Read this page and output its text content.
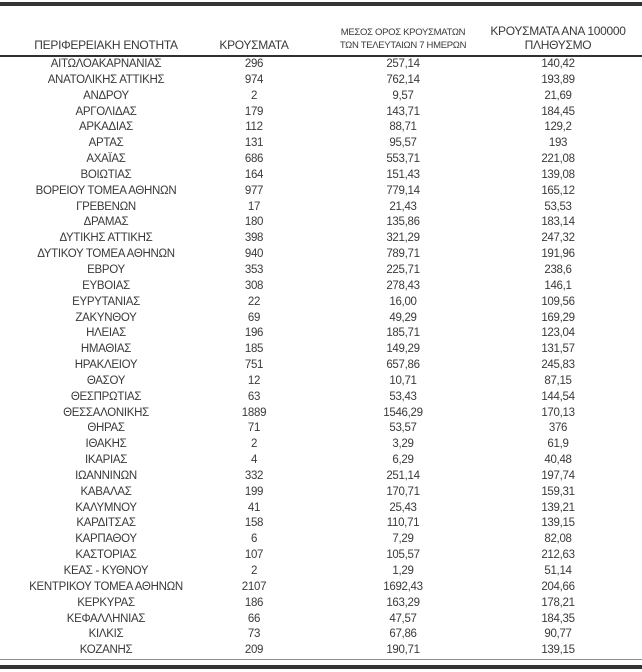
ΠΕΡΙΦΕΡΕΙΑΚΗ ΕΝΟΤΗΤΑ	ΚΡΟΥΣΜΑΤΑ	ΜΕΣΟΣ ΟΡΟΣ ΚΡΟΥΣΜΑΤΩΝ
ΤΩΝ ΤΕΛΕΥΤΑΙΩΝ 7 ΗΜΕΡΩΝ	ΚΡΟΥΣΜΑΤΑ ΑΝΑ 100000
ΠΛΗΘΥΣΜΟ
ΑΙΤΩΛΟΑΚΑΡΝΑΝΙΑΣ	296	257,14	140,42
ΑΝΑΤΟΛΙΚΗΣ ΑΤΤΙΚΗΣ	974	762,14	193,89
ΑΝΔΡΟΥ	2	9,57	21,69
ΑΡΓΟΛΙΔΑΣ	179	143,71	184,45
ΑΡΚΑΔΙΑΣ	112	88,71	129,2
ΑΡΤΑΣ	131	95,57	193
ΑΧΑΪΑΣ	686	553,71	221,08
ΒΟΙΩΤΙΑΣ	164	151,43	139,08
ΒΟΡΕΙΟΥ ΤΟΜΕΑ ΑΘΗΝΩΝ	977	779,14	165,12
ΓΡΕΒΕΝΩΝ	17	21,43	53,53
ΔΡΑΜΑΣ	180	135,86	183,14
ΔΥΤΙΚΗΣ ΑΤΤΙΚΗΣ	398	321,29	247,32
ΔΥΤΙΚΟΥ ΤΟΜΕΑ ΑΘΗΝΩΝ	940	789,71	191,96
ΕΒΡΟΥ	353	225,71	238,6
ΕΥΒΟΙΑΣ	308	278,43	146,1
ΕΥΡΥΤΑΝΙΑΣ	22	16,00	109,56
ΖΑΚΥΝΘΟΥ	69	49,29	169,29
ΗΛΕΙΑΣ	196	185,71	123,04
ΗΜΑΘΙΑΣ	185	149,29	131,57
ΗΡΑΚΛΕΙΟΥ	751	657,86	245,83
ΘΑΣΟΥ	12	10,71	87,15
ΘΕΣΠΡΩΤΙΑΣ	63	53,43	144,54
ΘΕΣΣΑΛΟΝΙΚΗΣ	1889	1546,29	170,13
ΘΗΡΑΣ	71	53,57	376
ΙΘΑΚΗΣ	2	3,29	61,9
ΙΚΑΡΙΑΣ	4	6,29	40,48
ΙΩΑΝΝΙΝΩΝ	332	251,14	197,74
ΚΑΒΑΛΑΣ	199	170,71	159,31
ΚΑΛΥΜΝΟΥ	41	25,43	139,21
ΚΑΡΔΙΤΣΑΣ	158	110,71	139,15
ΚΑΡΠΑΘΟΥ	6	7,29	82,08
ΚΑΣΤΟΡΙΑΣ	107	105,57	212,63
ΚΕΑΣ - ΚΥΘΝΟΥ	2	1,29	51,14
ΚΕΝΤΡΙΚΟΥ ΤΟΜΕΑ ΑΘΗΝΩΝ	2107	1692,43	204,66
ΚΕΡΚΥΡΑΣ	186	163,29	178,21
ΚΕΦΑΛΛΗΝΙΑΣ	66	47,57	184,35
ΚΙΛΚΙΣ	73	67,86	90,77
ΚΟΖΑΝΗΣ	209	190,71	139,15
